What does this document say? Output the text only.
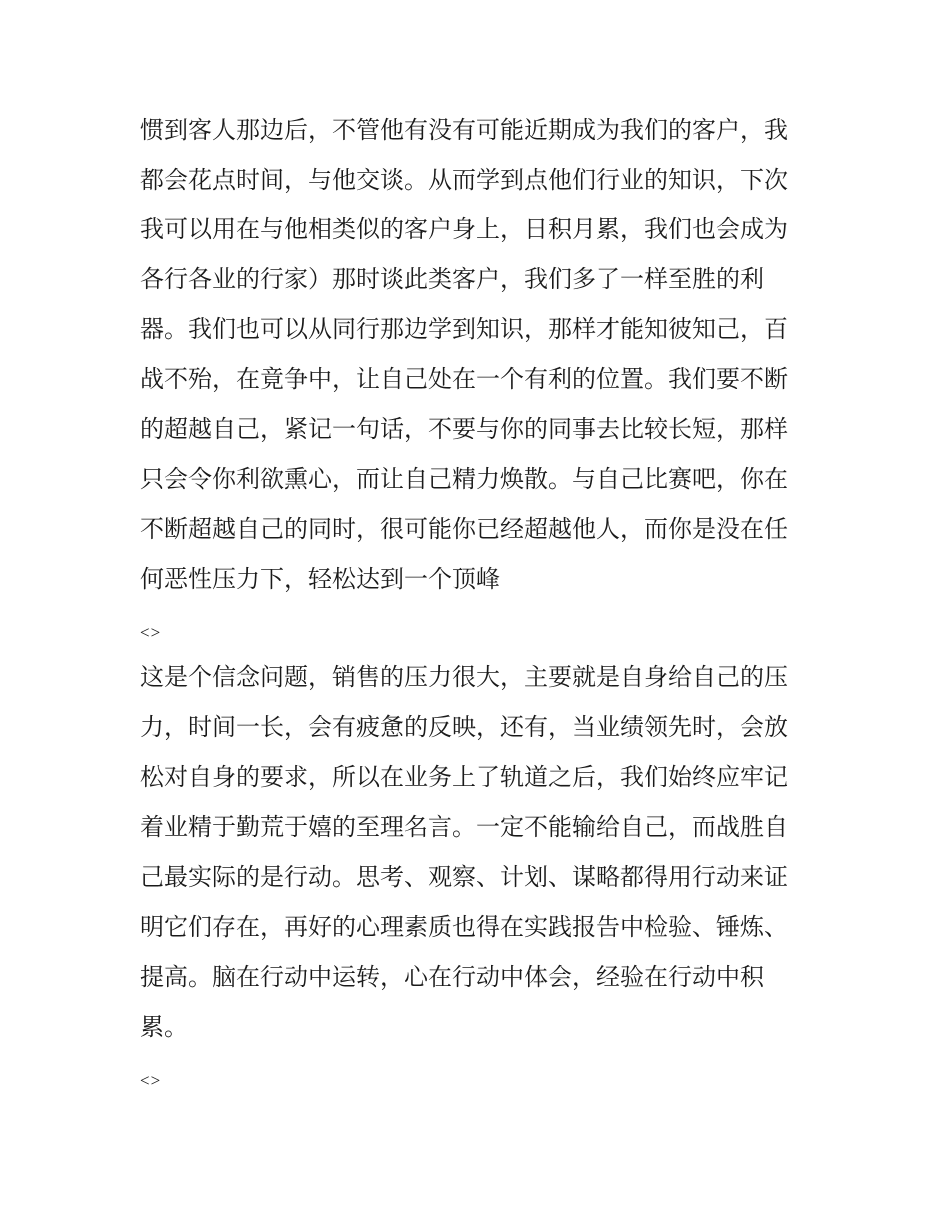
惯到客人那边后，不管他有没有可能近期成为我们的客户，我
都会花点时间，与他交谈。从而学到点他们行业的知识，下次
我可以用在与他相类似的客户身上，日积月累，我们也会成为
各行各业的行家）那时谈此类客户，我们多了一样至胜的利
器。我们也可以从同行那边学到知识，那样才能知彼知己，百
战不殆，在竟争中，让自己处在一个有利的位置。我们要不断
的超越自己，紧记一句话，不要与你的同事去比较长短，那样
只会令你利欲熏心，而让自己精力焕散。与自己比赛吧，你在
不断超越自己的同时，很可能你已经超越他人，而你是没在任
何恶性压力下，轻松达到一个顶峰
<>
这是个信念问题，销售的压力很大，主要就是自身给自己的压
力，时间一长，会有疲惫的反映，还有，当业绩领先时，会放
松对自身的要求，所以在业务上了轨道之后，我们始终应牢记
着业精于勤荒于嬉的至理名言。一定不能输给自己，而战胜自
己最实际的是行动。思考、观察、计划、谋略都得用行动来证
明它们存在，再好的心理素质也得在实践报告中检验、锤炼、
提高。脑在行动中运转，心在行动中体会，经验在行动中积
累。
<>
